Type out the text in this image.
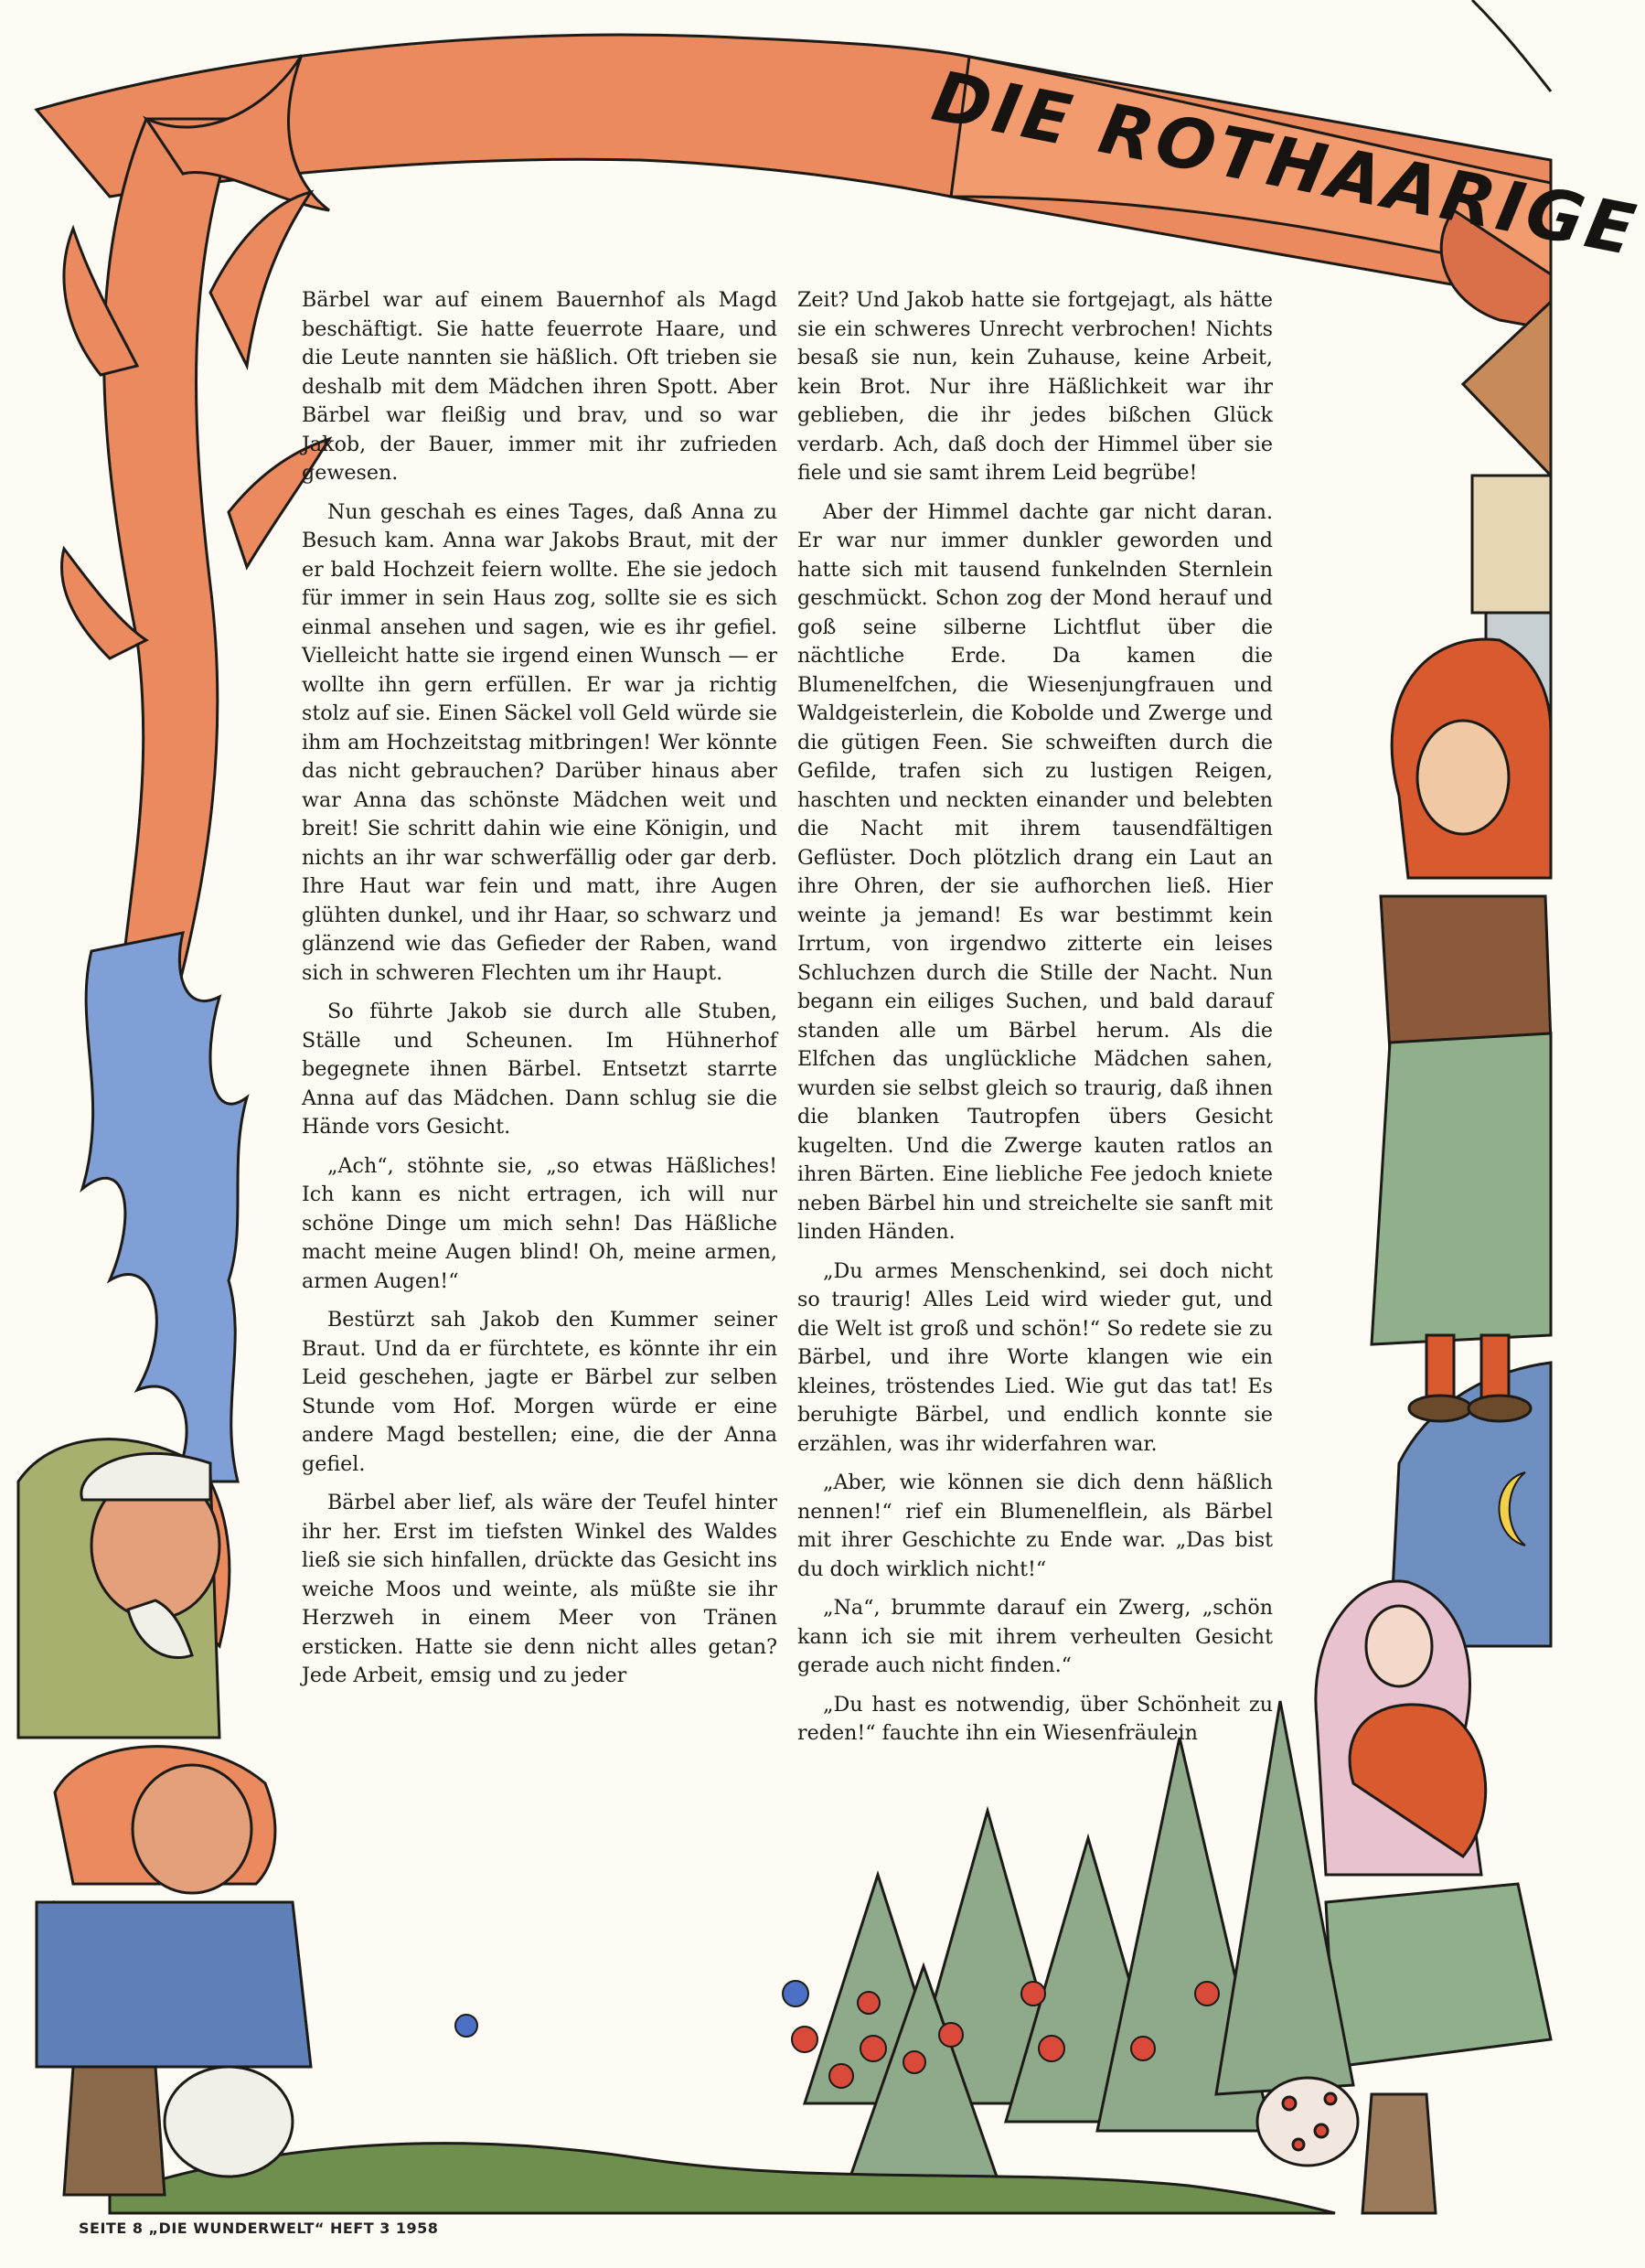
DIE ROTHAARIGE

Bärbel war auf einem Bauernhof als Magd beschäftigt. Sie hatte feuerrote Haare, und die Leute nannten sie häßlich. Oft trieben sie deshalb mit dem Mädchen ihren Spott. Aber Bärbel war fleißig und brav, und so war Jakob, der Bauer, immer mit ihr zufrieden gewesen.

Nun geschah es eines Tages, daß Anna zu Besuch kam. Anna war Jakobs Braut, mit der er bald Hochzeit feiern wollte. Ehe sie jedoch für immer in sein Haus zog, sollte sie es sich einmal ansehen und sagen, wie es ihr gefiel. Vielleicht hatte sie irgend einen Wunsch — er wollte ihn gern erfüllen. Er war ja richtig stolz auf sie. Einen Säckel voll Geld würde sie ihm am Hochzeitstag mitbringen! Wer könnte das nicht gebrauchen? Darüber hinaus aber war Anna das schönste Mädchen weit und breit! Sie schritt dahin wie eine Königin, und nichts an ihr war schwerfällig oder gar derb. Ihre Haut war fein und matt, ihre Augen glühten dunkel, und ihr Haar, so schwarz und glänzend wie das Gefieder der Raben, wand sich in schweren Flechten um ihr Haupt.

So führte Jakob sie durch alle Stuben, Ställe und Scheunen. Im Hühnerhof begegnete ihnen Bärbel. Entsetzt starrte Anna auf das Mädchen. Dann schlug sie die Hände vors Gesicht.

„Ach“, stöhnte sie, „so etwas Häßliches! Ich kann es nicht ertragen, ich will nur schöne Dinge um mich sehn! Das Häßliche macht meine Augen blind! Oh, meine armen, armen Augen!“

Bestürzt sah Jakob den Kummer seiner Braut. Und da er fürchtete, es könnte ihr ein Leid geschehen, jagte er Bärbel zur selben Stunde vom Hof. Morgen würde er eine andere Magd bestellen; eine, die der Anna gefiel.

Bärbel aber lief, als wäre der Teufel hinter ihr her. Erst im tiefsten Winkel des Waldes ließ sie sich hinfallen, drückte das Gesicht ins weiche Moos und weinte, als müßte sie ihr Herzweh in einem Meer von Tränen ersticken. Hatte sie denn nicht alles getan? Jede Arbeit, emsig und zu jeder

Zeit? Und Jakob hatte sie fortgejagt, als hätte sie ein schweres Unrecht verbrochen! Nichts besaß sie nun, kein Zuhause, keine Arbeit, kein Brot. Nur ihre Häßlichkeit war ihr geblieben, die ihr jedes bißchen Glück verdarb. Ach, daß doch der Himmel über sie fiele und sie samt ihrem Leid begrübe!

Aber der Himmel dachte gar nicht daran. Er war nur immer dunkler geworden und hatte sich mit tausend funkelnden Sternlein geschmückt. Schon zog der Mond herauf und goß seine silberne Lichtflut über die nächtliche Erde. Da kamen die Blumenelfchen, die Wiesenjungfrauen und Waldgeisterlein, die Kobolde und Zwerge und die gütigen Feen. Sie schweiften durch die Gefilde, trafen sich zu lustigen Reigen, haschten und neckten einander und belebten die Nacht mit ihrem tausendfältigen Geflüster. Doch plötzlich drang ein Laut an ihre Ohren, der sie aufhorchen ließ. Hier weinte ja jemand! Es war bestimmt kein Irrtum, von irgendwo zitterte ein leises Schluchzen durch die Stille der Nacht. Nun begann ein eiliges Suchen, und bald darauf standen alle um Bärbel herum. Als die Elfchen das unglückliche Mädchen sahen, wurden sie selbst gleich so traurig, daß ihnen die blanken Tautropfen übers Gesicht kugelten. Und die Zwerge kauten ratlos an ihren Bärten. Eine liebliche Fee jedoch kniete neben Bärbel hin und streichelte sie sanft mit linden Händen.

„Du armes Menschenkind, sei doch nicht so traurig! Alles Leid wird wieder gut, und die Welt ist groß und schön!“ So redete sie zu Bärbel, und ihre Worte klangen wie ein kleines, tröstendes Lied. Wie gut das tat! Es beruhigte Bärbel, und endlich konnte sie erzählen, was ihr widerfahren war.

„Aber, wie können sie dich denn häßlich nennen!“ rief ein Blumenelflein, als Bärbel mit ihrer Geschichte zu Ende war. „Das bist du doch wirklich nicht!“

„Na“, brummte darauf ein Zwerg, „schön kann ich sie mit ihrem verheulten Gesicht gerade auch nicht finden.“

„Du hast es notwendig, über Schönheit zu reden!“ fauchte ihn ein Wiesenfräulein

SEITE 8 „DIE WUNDERWELT“ HEFT 3 1958
